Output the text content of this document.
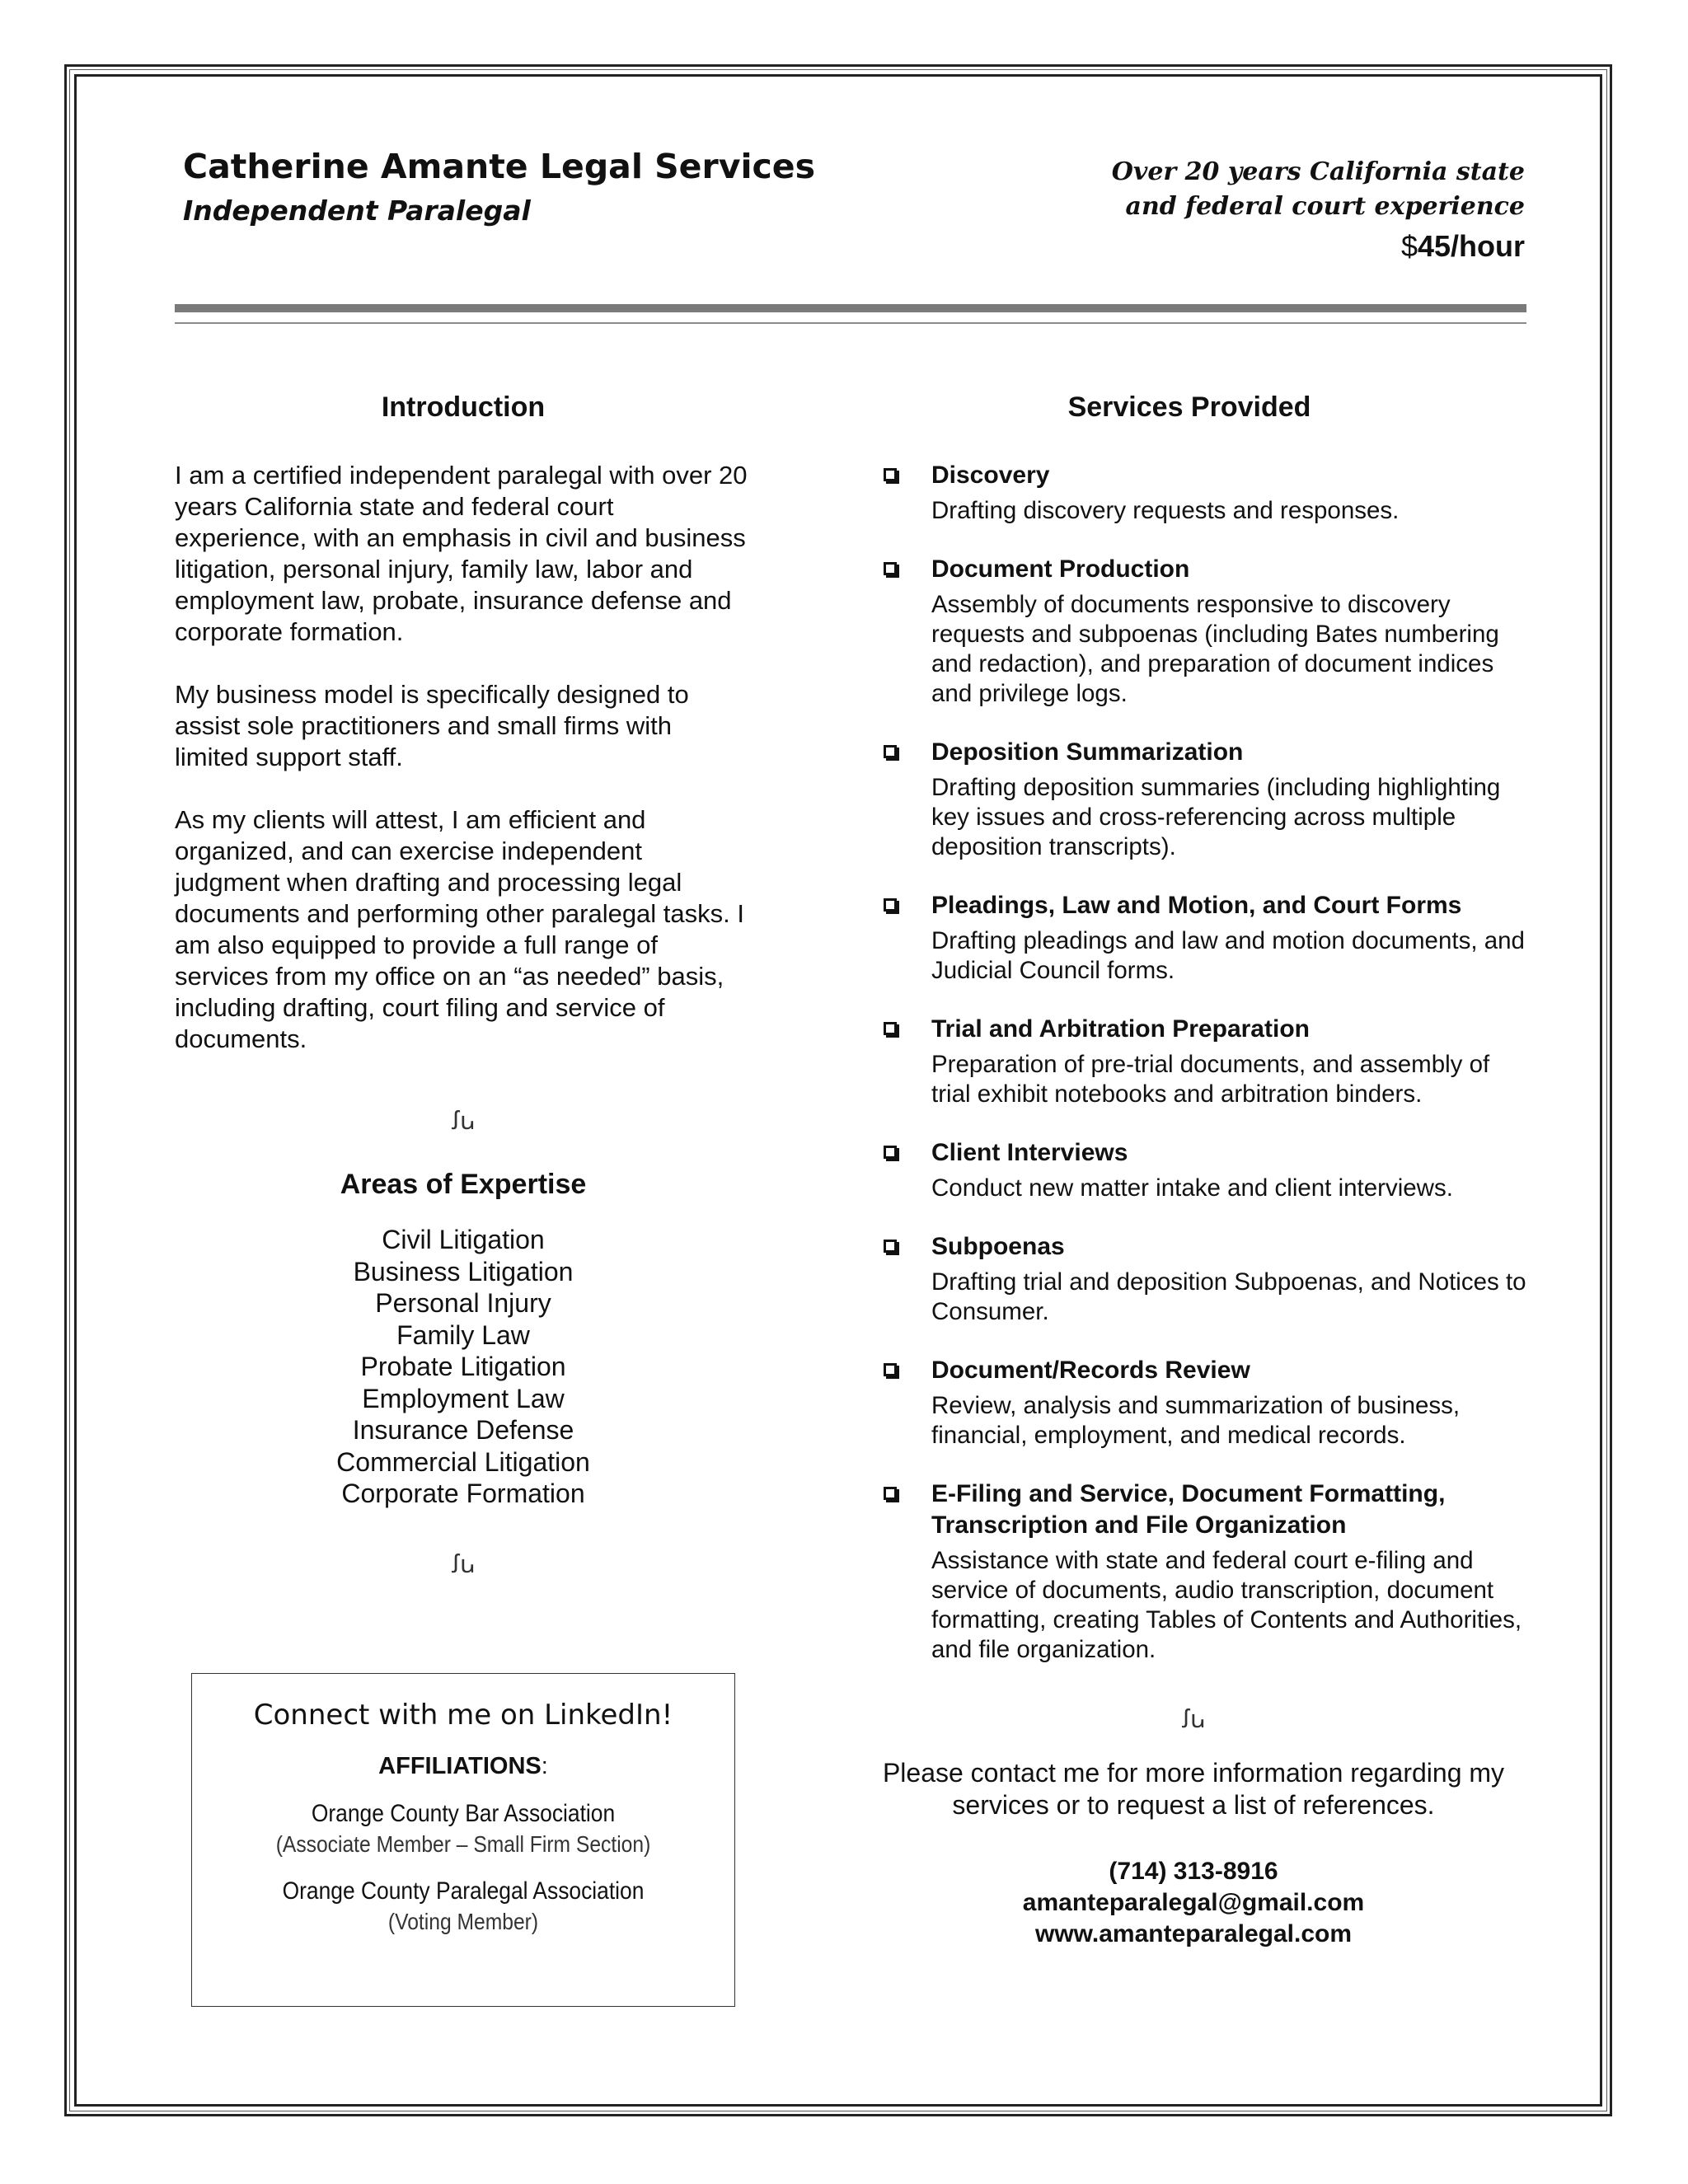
Catherine Amante Legal Services
Independent Paralegal
Over 20 years California state
and federal court experience
$45/hour
Introduction

I am a certified independent paralegal with over 20 years California state and federal court experience, with an emphasis in civil and business litigation, personal injury, family law, labor and employment law, probate, insurance defense and corporate formation.

My business model is specifically designed to assist sole practitioners and small firms with limited support staff.

As my clients will attest, I am efficient and organized, and can exercise independent judgment when drafting and processing legal documents and performing other paralegal tasks. I am also equipped to provide a full range of services from my office on an “as needed” basis, including drafting, court filing and service of documents.

ꭍꭎ
Areas of Expertise
Civil Litigation
Business Litigation
Personal Injury
Family Law
Probate Litigation
Employment Law
Insurance Defense
Commercial Litigation
Corporate Formation
ꭍꭎ
Connect with me on LinkedIn!
AFFILIATIONS:
Orange County Bar Association
(Associate Member – Small Firm Section)
Orange County Paralegal Association
(Voting Member)
Services Provided
Discovery
Drafting discovery requests and responses.
Document Production
Assembly of documents responsive to discovery requests and subpoenas (including Bates numbering and redaction), and preparation of document indices and privilege logs.
Deposition Summarization
Drafting deposition summaries (including highlighting key issues and cross-referencing across multiple deposition transcripts).
Pleadings, Law and Motion, and Court Forms
Drafting pleadings and law and motion documents, and Judicial Council forms.
Trial and Arbitration Preparation
Preparation of pre-trial documents, and assembly of trial exhibit notebooks and arbitration binders.
Client Interviews
Conduct new matter intake and client interviews.
Subpoenas
Drafting trial and deposition Subpoenas, and Notices to Consumer.
Document/Records Review
Review, analysis and summarization of business, financial, employment, and medical records.
E-Filing and Service, Document Formatting, Transcription and File Organization
Assistance with state and federal court e-filing and service of documents, audio transcription, document formatting, creating Tables of Contents and Authorities, and file organization.
ꭍꭎ
Please contact me for more information regarding my services or to request a list of references.
(714) 313-8916
amanteparalegal@gmail.com
www.amanteparalegal.com
